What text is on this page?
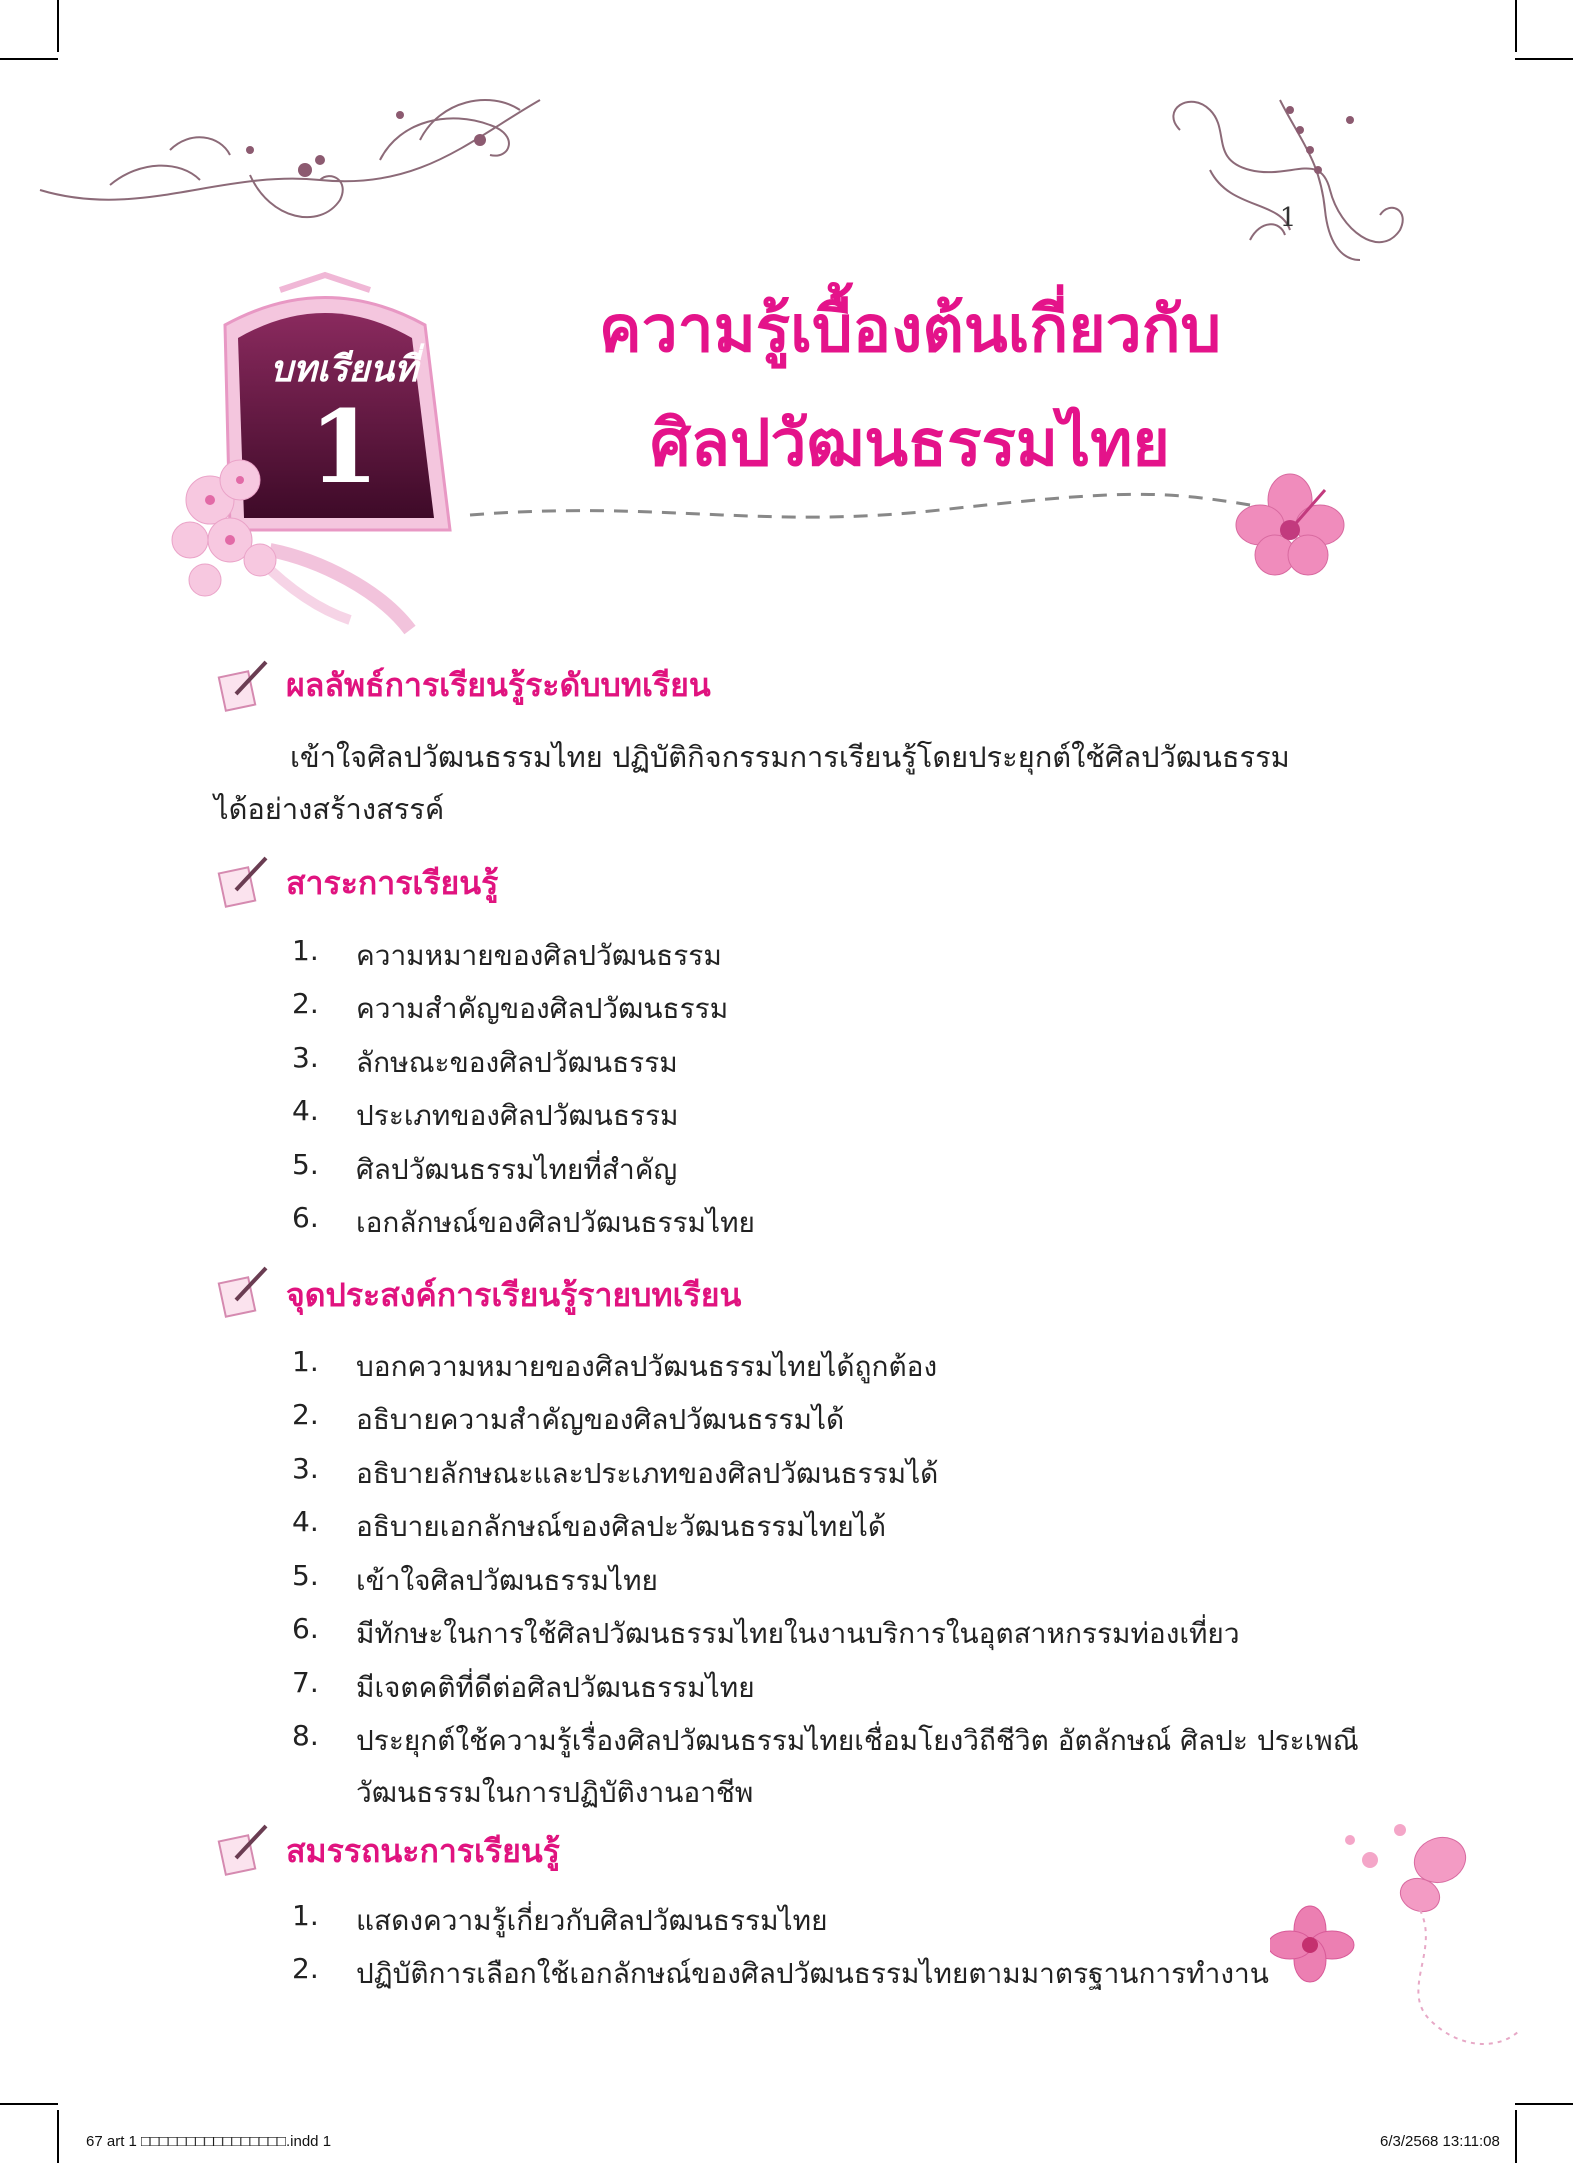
1
บทเรียนที่
1
ความรู้เบื้องต้นเกี่ยวกับ
ศิลปวัฒนธรรมไทย
ผลลัพธ์การเรียนรู้ระดับบทเรียน
เข้าใจศิลปวัฒนธรรมไทย ปฏิบัติกิจกรรมการเรียนรู้โดยประยุกต์ใช้ศิลปวัฒนธรรม
ได้อย่างสร้างสรรค์
สาระการเรียนรู้
1. ความหมายของศิลปวัฒนธรรม
2. ความสำคัญของศิลปวัฒนธรรม
3. ลักษณะของศิลปวัฒนธรรม
4. ประเภทของศิลปวัฒนธรรม
5. ศิลปวัฒนธรรมไทยที่สำคัญ
6. เอกลักษณ์ของศิลปวัฒนธรรมไทย
จุดประสงค์การเรียนรู้รายบทเรียน
1. บอกความหมายของศิลปวัฒนธรรมไทยได้ถูกต้อง
2. อธิบายความสำคัญของศิลปวัฒนธรรมได้
3. อธิบายลักษณะและประเภทของศิลปวัฒนธรรมได้
4. อธิบายเอกลักษณ์ของศิลปะวัฒนธรรมไทยได้
5. เข้าใจศิลปวัฒนธรรมไทย
6. มีทักษะในการใช้ศิลปวัฒนธรรมไทยในงานบริการในอุตสาหกรรมท่องเที่ยว
7. มีเจตคติที่ดีต่อศิลปวัฒนธรรมไทย
8. ประยุกต์ใช้ความรู้เรื่องศิลปวัฒนธรรมไทยเชื่อมโยงวิถีชีวิต อัตลักษณ์ ศิลปะ ประเพณี
วัฒนธรรมในการปฏิบัติงานอาชีพ
สมรรถนะการเรียนรู้
1. แสดงความรู้เกี่ยวกับศิลปวัฒนธรรมไทย
2. ปฏิบัติการเลือกใช้เอกลักษณ์ของศิลปวัฒนธรรมไทยตามมาตรฐานการทำงาน
67 art 1 □□□□□□□□□□□□□□□□.indd 1	6/3/2568 13:11:08
